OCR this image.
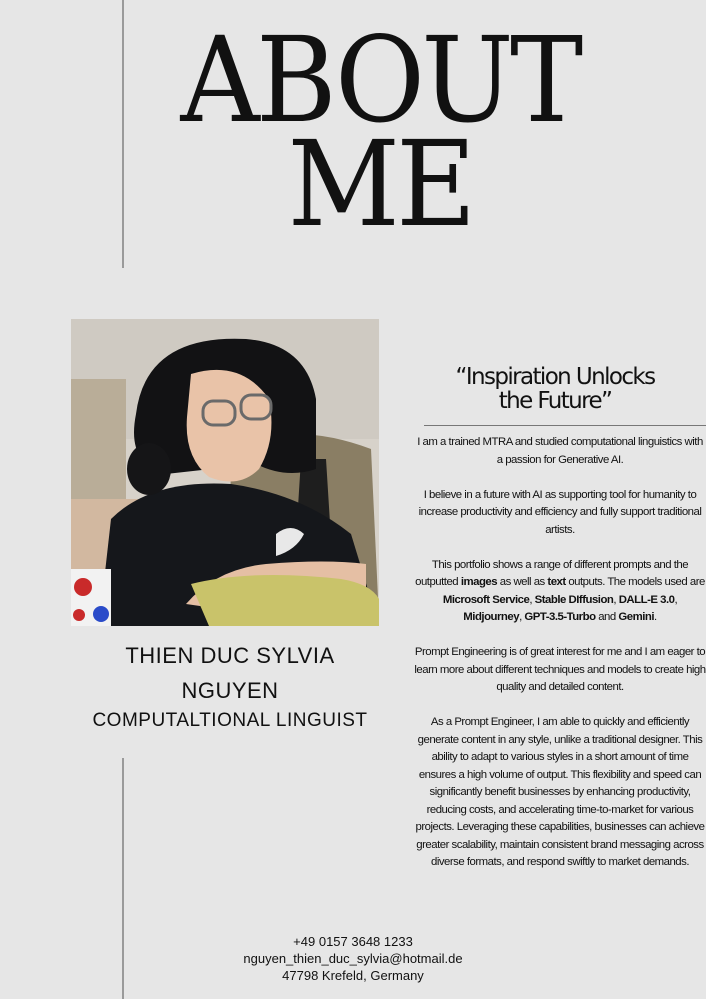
ABOUT
ME
THIEN DUC SYLVIA
NGUYEN
COMPUTALTIONAL LINGUIST
“Inspiration Unlocks
the Future”

I am a trained MTRA and studied computational linguistics with a passion for Generative AI.

I believe in a future with AI as supporting tool for humanity to increase productivity and efficiency and fully support traditional artists.

This portfolio shows a range of different prompts and the outputted images as well as text outputs. The models used are Microsoft Service, Stable DIffusion, DALL-E 3.0, Midjourney, GPT-3.5-Turbo and Gemini.

Prompt Engineering is of great interest for me and I am eager to learn more about different techniques and models to create high quality and detailed content.

As a Prompt Engineer, I am able to quickly and efficiently generate content in any style, unlike a traditional designer. This ability to adapt to various styles in a short amount of time ensures a high volume of output. This flexibility and speed can significantly benefit businesses by enhancing productivity, reducing costs, and accelerating time-to-market for various projects. Leveraging these capabilities, businesses can achieve greater scalability, maintain consistent brand messaging across diverse formats, and respond swiftly to market demands.

+49 0157 3648 1233
nguyen_thien_duc_sylvia@hotmail.de
47798 Krefeld, Germany
